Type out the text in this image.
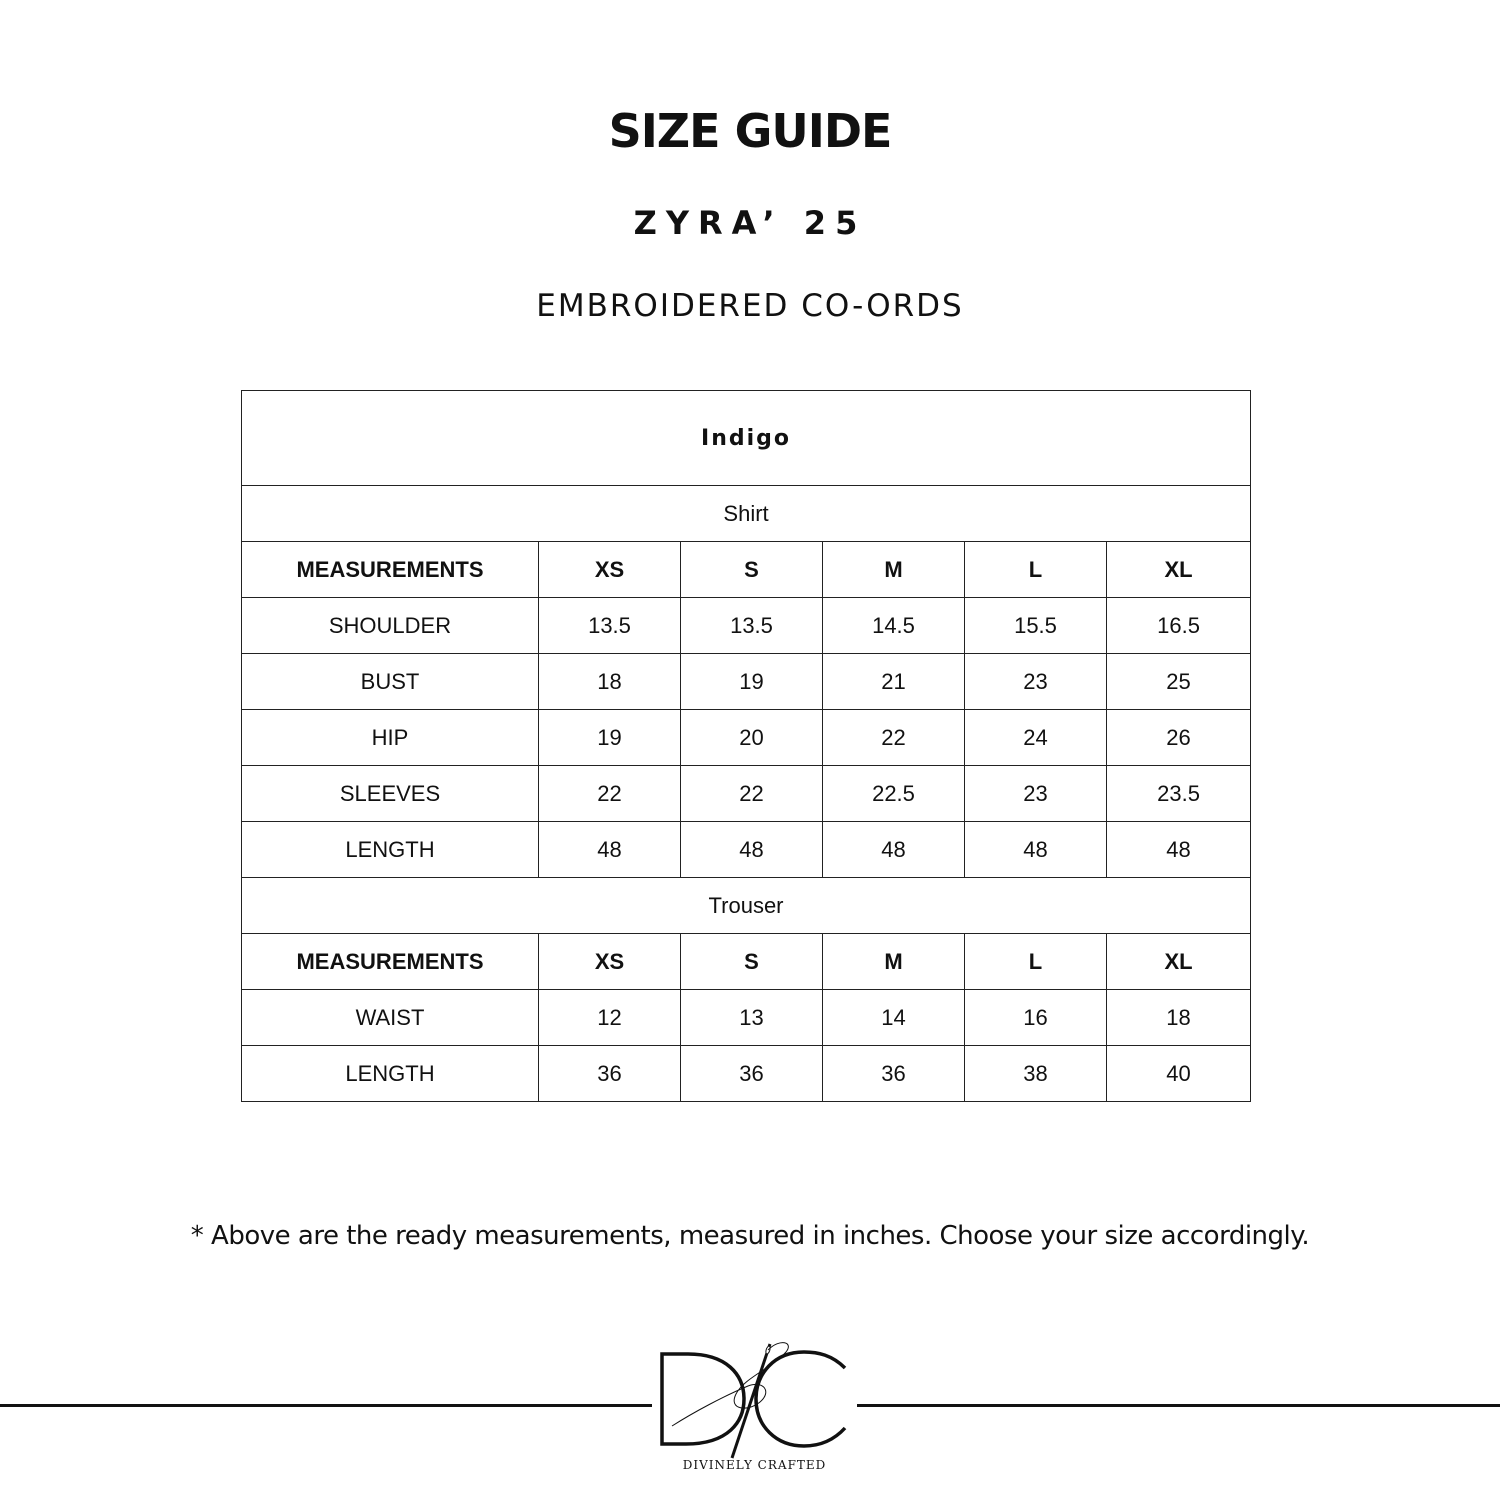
SIZE GUIDE
ZYRA’ 25
EMBROIDERED CO-ORDS
Indigo					
Shirt					
MEASUREMENTS	XS	S	M	L	XL
SHOULDER	13.5	13.5	14.5	15.5	16.5
BUST	18	19	21	23	25
HIP	19	20	22	24	26
SLEEVES	22	22	22.5	23	23.5
LENGTH	48	48	48	48	48
Trouser					
MEASUREMENTS	XS	S	M	L	XL
WAIST	12	13	14	16	18
LENGTH	36	36	36	38	40
* Above are the ready measurements, measured in inches. Choose your size accordingly.
D/C
DIVINELY CRAFTED
